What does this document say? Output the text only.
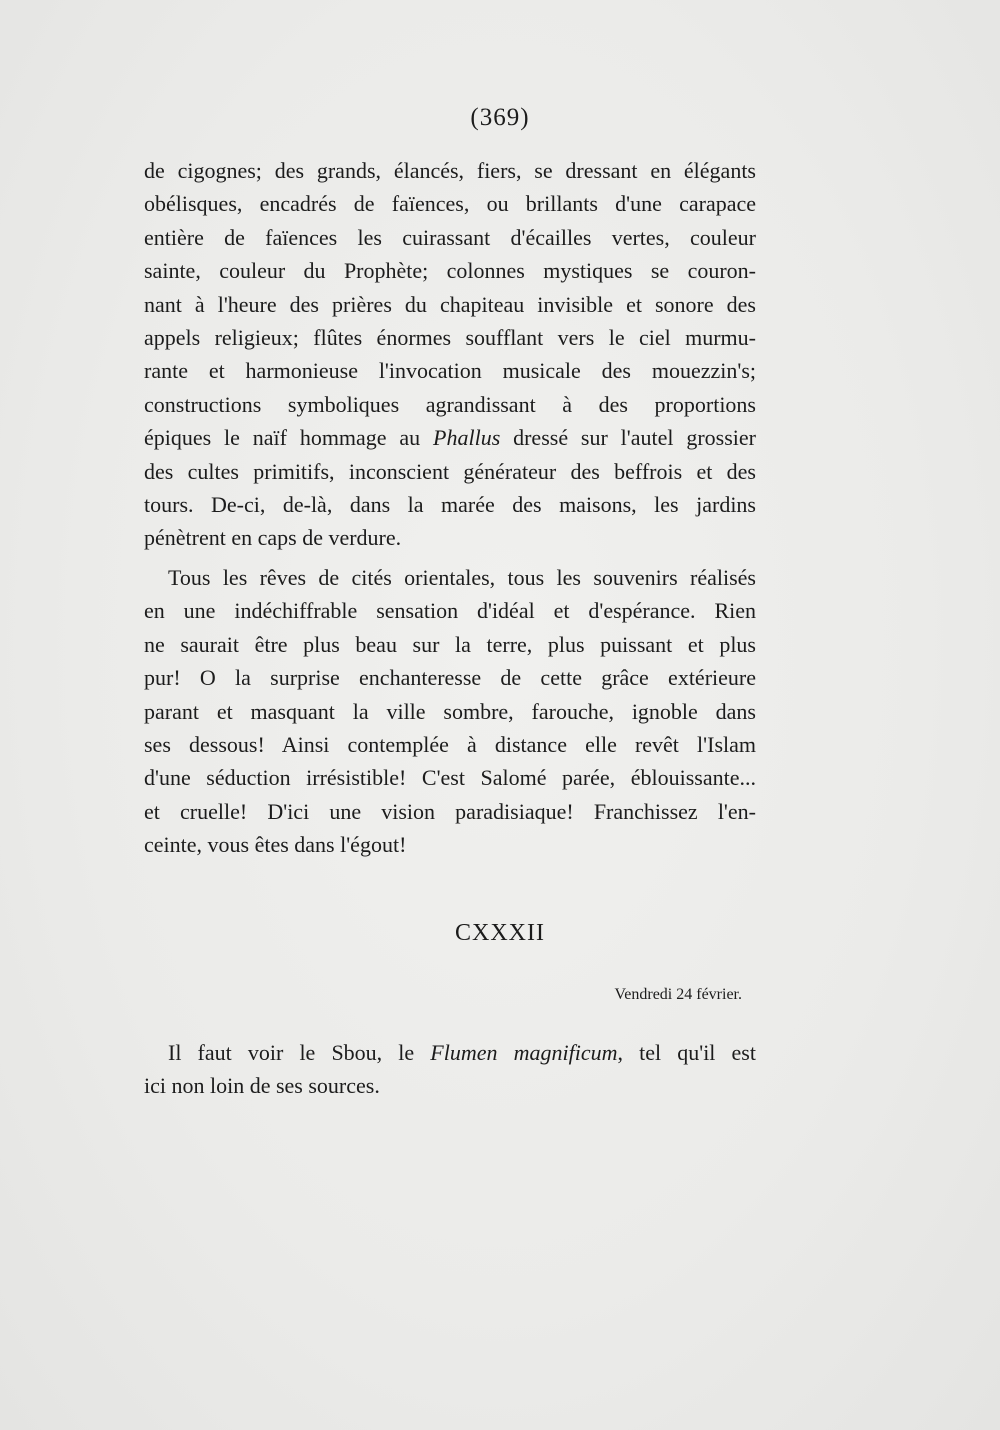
(369)

de cigognes; des grands, élancés, fiers, se dressant en élégants

obélisques, encadrés de faïences, ou brillants d'une carapace

entière de faïences les cuirassant d'écailles vertes, couleur

sainte, couleur du Prophète; colonnes mystiques se couron-

nant à l'heure des prières du chapiteau invisible et sonore des

appels religieux; flûtes énormes soufflant vers le ciel murmu-

rante et harmonieuse l'invocation musicale des mouezzin's;

constructions symboliques agrandissant à des proportions

épiques le naïf hommage au Phallus dressé sur l'autel grossier

des cultes primitifs, inconscient générateur des beffrois et des

tours. De-ci, de-là, dans la marée des maisons, les jardins

pénètrent en caps de verdure.

Tous les rêves de cités orientales, tous les souvenirs réalisés

en une indéchiffrable sensation d'idéal et d'espérance. Rien

ne saurait être plus beau sur la terre, plus puissant et plus

pur! O la surprise enchanteresse de cette grâce extérieure

parant et masquant la ville sombre, farouche, ignoble dans

ses dessous! Ainsi contemplée à distance elle revêt l'Islam

d'une séduction irrésistible! C'est Salomé parée, éblouissante...

et cruelle! D'ici une vision paradisiaque! Franchissez l'en-

ceinte, vous êtes dans l'égout!

CXXXII
Vendredi 24 février.

Il faut voir le Sbou, le Flumen magnificum, tel qu'il est

ici non loin de ses sources.
